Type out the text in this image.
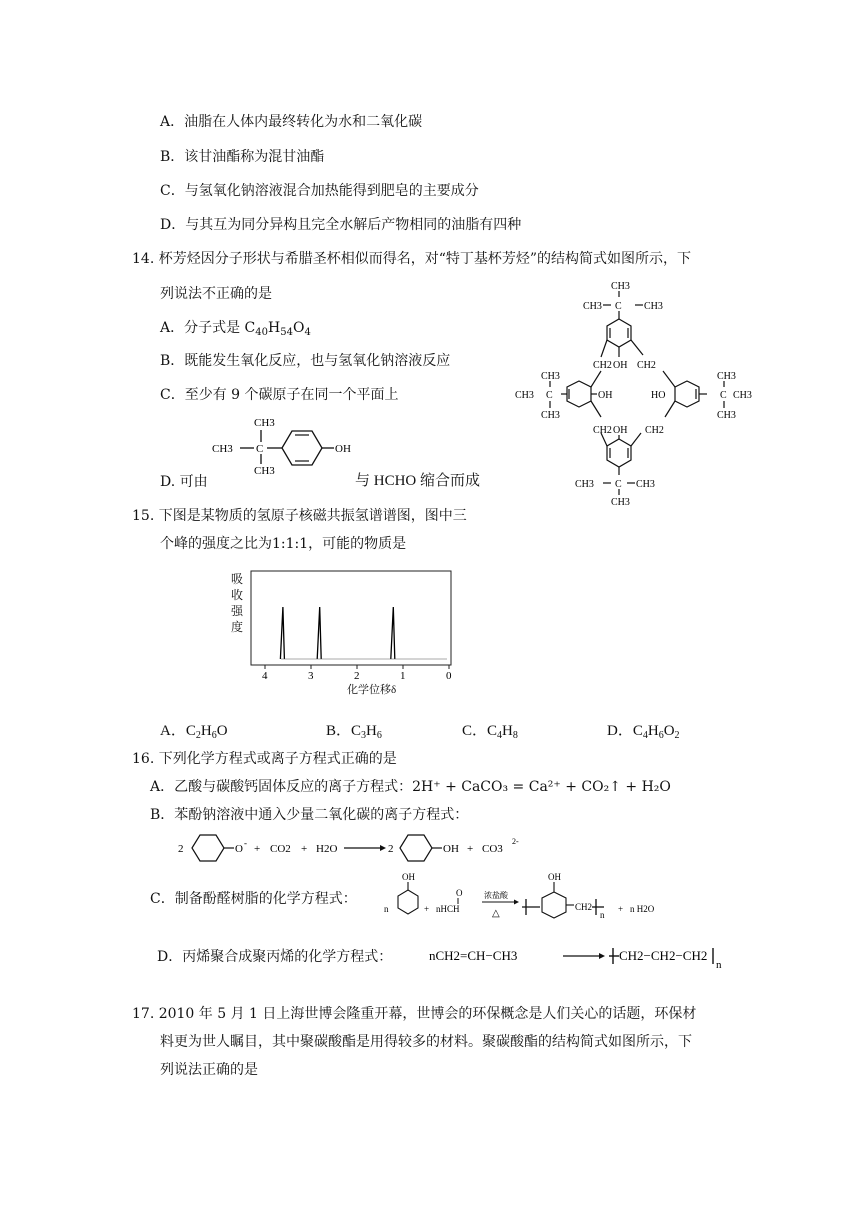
A．油脂在人体内最终转化为水和二氧化碳
B．该甘油酯称为混甘油酯
C．与氢氧化钠溶液混合加热能得到肥皂的主要成分
D．与其互为同分异构且完全水解后产物相同的油脂有四种
14. 杯芳烃因分子形状与希腊圣杯相似而得名，对“特丁基杯芳烃”的结构简式如图所示，下
列说法不正确的是
A．分子式是 $C_{40}H_{54}O_4$
B．既能发生氧化反应，也与氢氧化钠溶液反应
C．至少有 9 个碳原子在同一个平面上
D. 可由	与 HCHO 缩合而成
CH3
CH3 C
CH3
OH
CH3
CH3 C CH3
CH2 OH CH2
CH3
CH3 C
CH3
OH	HO
CH3
C CH3
CH3
CH2 OH CH2
CH3 C CH3
CH3
15. 下图是某物质的氢原子核磁共振氢谱谱图，图中三
个峰的强度之比为1:1:1，可能的物质是
吸
收
强
度
4	3	2	1	0
化学位移δ
A．$C_2H_6O$	B．$C_3H_6$	C．$C_4H_8$	D．$C_4H_6O_2$
16. 下列化学方程式或离子方程式正确的是
A．乙酸与碳酸钙固体反应的离子方程式：2H⁺ + CaCO₃ = Ca²⁺ + CO₂↑ + H₂O
B．苯酚钠溶液中通入少量二氧化碳的离子方程式：
2	O - + CO2 + H2O	2	OH + CO3
2-
C．制备酚醛树脂的化学方程式：
OH
n	+ nHCH
O	浓盐酸
△
OH
CH2
n
+ n H2O
D．丙烯聚合成聚丙烯的化学方程式：	nCH2=CH−CH3	CH2−CH2−CH2
n
17. 2010 年 5 月 1 日上海世博会隆重开幕，世博会的环保概念是人们关心的话题，环保材
料更为世人瞩目，其中聚碳酸酯是用得较多的材料。聚碳酸酯的结构简式如图所示，下
列说法正确的是
